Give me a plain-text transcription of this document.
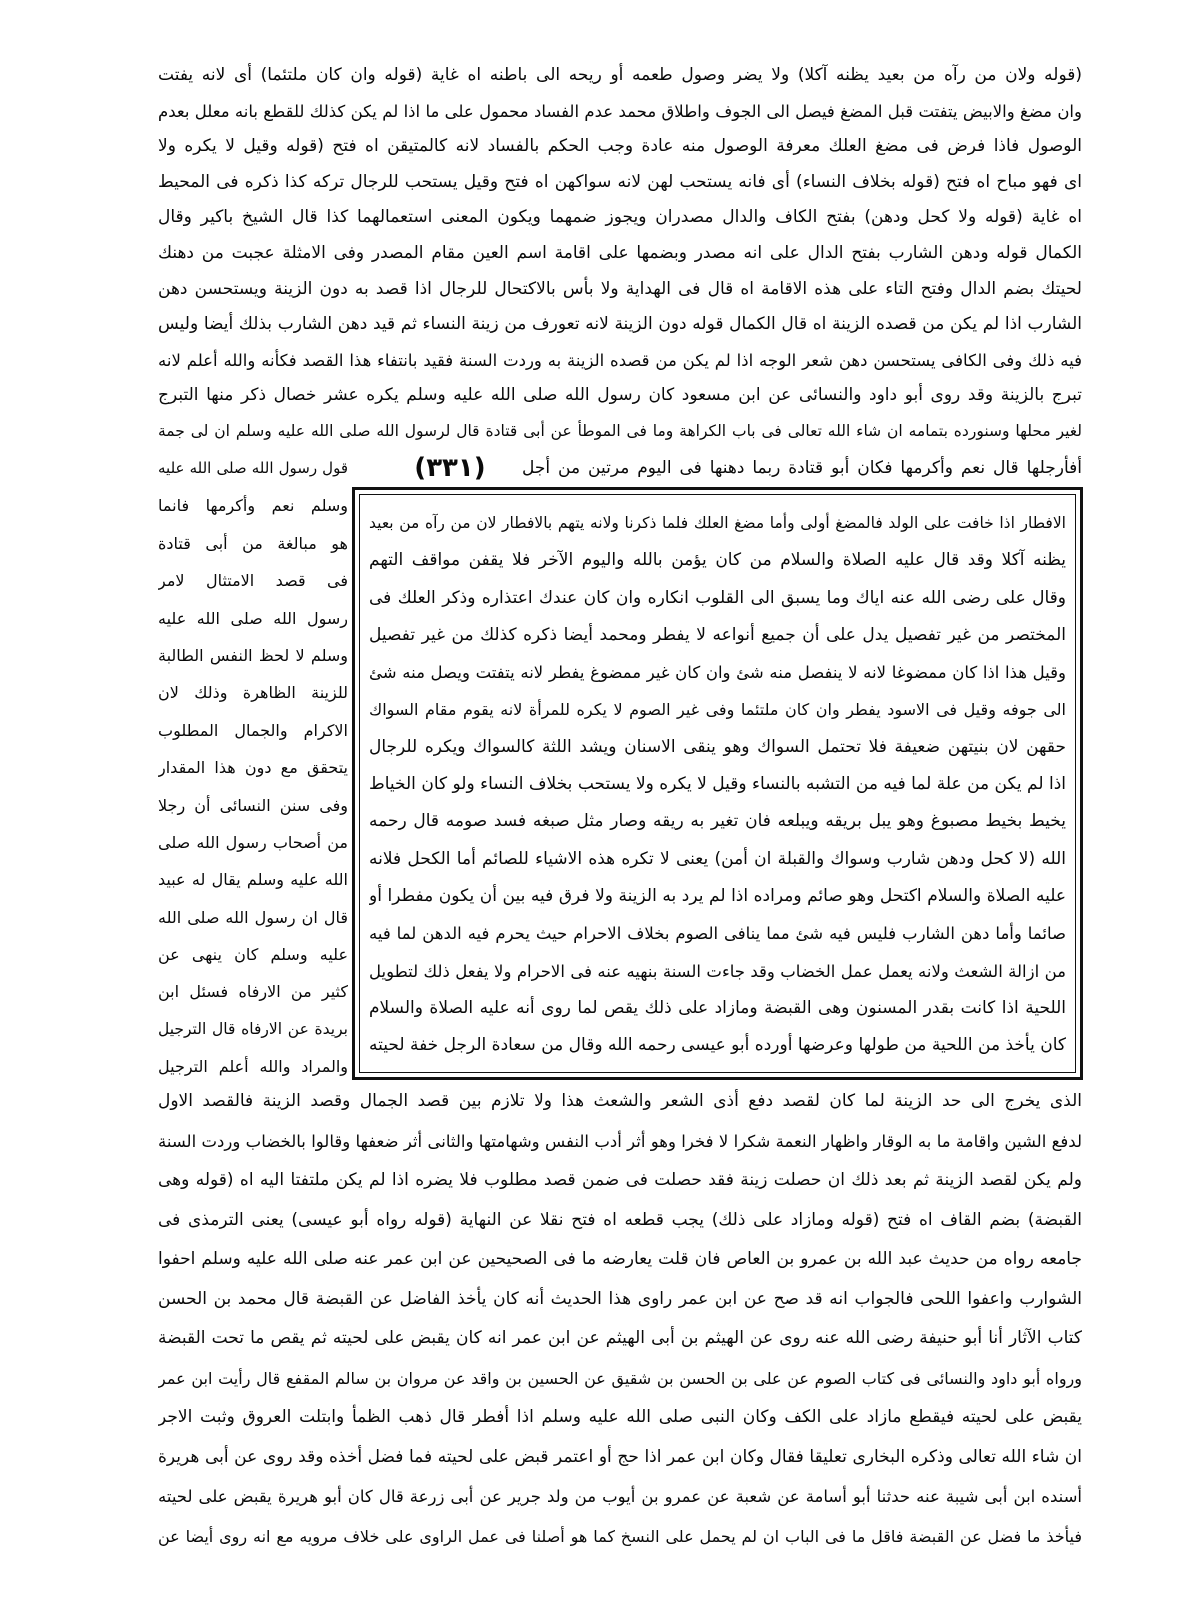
(قوله ولان من رآه من بعيد يظنه آكلا) ولا يضر وصول طعمه أو ريحه الى باطنه اه غاية (قوله وان كان ملتئما) أى لانه يفتت
وان مضغ والابيض يتفتت قبل المضغ فيصل الى الجوف واطلاق محمد عدم الفساد محمول على ما اذا لم يكن كذلك للقطع بانه معلل بعدم
الوصول فاذا فرض فى مضغ العلك معرفة الوصول منه عادة وجب الحكم بالفساد لانه كالمتيقن اه فتح (قوله وقيل لا يكره ولا
اى فهو مباح اه فتح (قوله بخلاف النساء) أى فانه يستحب لهن لانه سواكهن اه فتح وقيل يستحب للرجال تركه كذا ذكره فى المحيط
اه غاية (قوله ولا كحل ودهن) بفتح الكاف والدال مصدران ويجوز ضمهما ويكون المعنى استعمالهما كذا قال الشيخ باكير وقال
الكمال قوله ودهن الشارب بفتح الدال على انه مصدر وبضمها على اقامة اسم العين مقام المصدر وفى الامثلة عجبت من دهنك
لحيتك بضم الدال وفتح التاء على هذه الاقامة اه قال فى الهداية ولا بأس بالاكتحال للرجال اذا قصد به دون الزينة ويستحسن دهن
الشارب اذا لم يكن من قصده الزينة اه قال الكمال قوله دون الزينة لانه تعورف من زينة النساء ثم قيد دهن الشارب بذلك أيضا وليس
فيه ذلك وفى الكافى يستحسن دهن شعر الوجه اذا لم يكن من قصده الزينة به وردت السنة فقيد بانتفاء هذا القصد فكأنه والله أعلم لانه
تبرج بالزينة وقد روى أبو داود والنسائى عن ابن مسعود كان رسول الله صلى الله عليه وسلم يكره عشر خصال ذكر منها التبرج
لغير محلها وسنورده بتمامه ان شاء الله تعالى فى باب الكراهة وما فى الموطأ عن أبى قتادة قال لرسول الله صلى الله عليه وسلم ان لى جمة
أفأرجلها قال نعم وأكرمها فكان أبو قتادة ربما دهنها فى اليوم مرتين من أجل
(٣٣١)
قول رسول الله صلى الله عليه
وسلم نعم وأكرمها فانما
هو مبالغة من أبى قتادة
فى قصد الامتثال لامر
رسول الله صلى الله عليه
وسلم لا لحظ النفس الطالبة
للزينة الظاهرة وذلك لان
الاكرام والجمال المطلوب
يتحقق مع دون هذا المقدار
وفى سنن النسائى أن رجلا
من أصحاب رسول الله صلى
الله عليه وسلم يقال له عبيد
قال ان رسول الله صلى الله
عليه وسلم كان ينهى عن
كثير من الارفاه فسئل ابن
بريدة عن الارفاه قال الترجيل
والمراد والله أعلم الترجيل
الافطار اذا خافت على الولد فالمضغ أولى وأما مضغ العلك فلما ذكرنا ولانه يتهم بالافطار لان من رآه من بعيد
يظنه آكلا وقد قال عليه الصلاة والسلام من كان يؤمن بالله واليوم الآخر فلا يقفن مواقف التهم
وقال على رضى الله عنه اياك وما يسبق الى القلوب انكاره وان كان عندك اعتذاره وذكر العلك فى
المختصر من غير تفصيل يدل على أن جميع أنواعه لا يفطر ومحمد أيضا ذكره كذلك من غير تفصيل
وقيل هذا اذا كان ممضوغا لانه لا ينفصل منه شئ وان كان غير ممضوغ يفطر لانه يتفتت ويصل منه شئ
الى جوفه وقيل فى الاسود يفطر وان كان ملتئما وفى غير الصوم لا يكره للمرأة لانه يقوم مقام السواك
حقهن لان بنيتهن ضعيفة فلا تحتمل السواك وهو ينقى الاسنان ويشد اللثة كالسواك ويكره للرجال
اذا لم يكن من علة لما فيه من التشبه بالنساء وقيل لا يكره ولا يستحب بخلاف النساء ولو كان الخياط
يخيط بخيط مصبوغ وهو يبل بريقه ويبلعه فان تغير به ريقه وصار مثل صبغه فسد صومه قال رحمه
الله (لا كحل ودهن شارب وسواك والقبلة ان أمن) يعنى لا تكره هذه الاشياء للصائم أما الكحل فلانه
عليه الصلاة والسلام اكتحل وهو صائم ومراده اذا لم يرد به الزينة ولا فرق فيه بين أن يكون مفطرا أو
صائما وأما دهن الشارب فليس فيه شئ مما ينافى الصوم بخلاف الاحرام حيث يحرم فيه الدهن لما فيه
من ازالة الشعث ولانه يعمل عمل الخضاب وقد جاءت السنة بنهيه عنه فى الاحرام ولا يفعل ذلك لتطويل
اللحية اذا كانت بقدر المسنون وهى القبضة ومازاد على ذلك يقص لما روى أنه عليه الصلاة والسلام
كان يأخذ من اللحية من طولها وعرضها أورده أبو عيسى رحمه الله وقال من سعادة الرجل خفة لحيته
الذى يخرج الى حد الزينة لما كان لقصد دفع أذى الشعر والشعث هذا ولا تلازم بين قصد الجمال وقصد الزينة فالقصد الاول
لدفع الشين واقامة ما به الوقار واظهار النعمة شكرا لا فخرا وهو أثر أدب النفس وشهامتها والثانى أثر ضعفها وقالوا بالخضاب وردت السنة
ولم يكن لقصد الزينة ثم بعد ذلك ان حصلت زينة فقد حصلت فى ضمن قصد مطلوب فلا يضره اذا لم يكن ملتفتا اليه اه (قوله وهى
القبضة) بضم القاف اه فتح (قوله ومازاد على ذلك) يجب قطعه اه فتح نقلا عن النهاية (قوله رواه أبو عيسى) يعنى الترمذى فى
جامعه رواه من حديث عبد الله بن عمرو بن العاص فان قلت يعارضه ما فى الصحيحين عن ابن عمر عنه صلى الله عليه وسلم احفوا
الشوارب واعفوا اللحى فالجواب انه قد صح عن ابن عمر راوى هذا الحديث أنه كان يأخذ الفاضل عن القبضة قال محمد بن الحسن
كتاب الآثار أنا أبو حنيفة رضى الله عنه روى عن الهيثم بن أبى الهيثم عن ابن عمر انه كان يقبض على لحيته ثم يقص ما تحت القبضة
ورواه أبو داود والنسائى فى كتاب الصوم عن على بن الحسن بن شقيق عن الحسين بن واقد عن مروان بن سالم المقفع قال رأيت ابن عمر
يقبض على لحيته فيقطع مازاد على الكف وكان النبى صلى الله عليه وسلم اذا أفطر قال ذهب الظمأ وابتلت العروق وثبت الاجر
ان شاء الله تعالى وذكره البخارى تعليقا فقال وكان ابن عمر اذا حج أو اعتمر قبض على لحيته فما فضل أخذه وقد روى عن أبى هريرة
أسنده ابن أبى شيبة عنه حدثنا أبو أسامة عن شعبة عن عمرو بن أيوب من ولد جرير عن أبى زرعة قال كان أبو هريرة يقبض على لحيته
فيأخذ ما فضل عن القبضة فاقل ما فى الباب ان لم يحمل على النسخ كما هو أصلنا فى عمل الراوى على خلاف مرويه مع انه روى أيضا عن
